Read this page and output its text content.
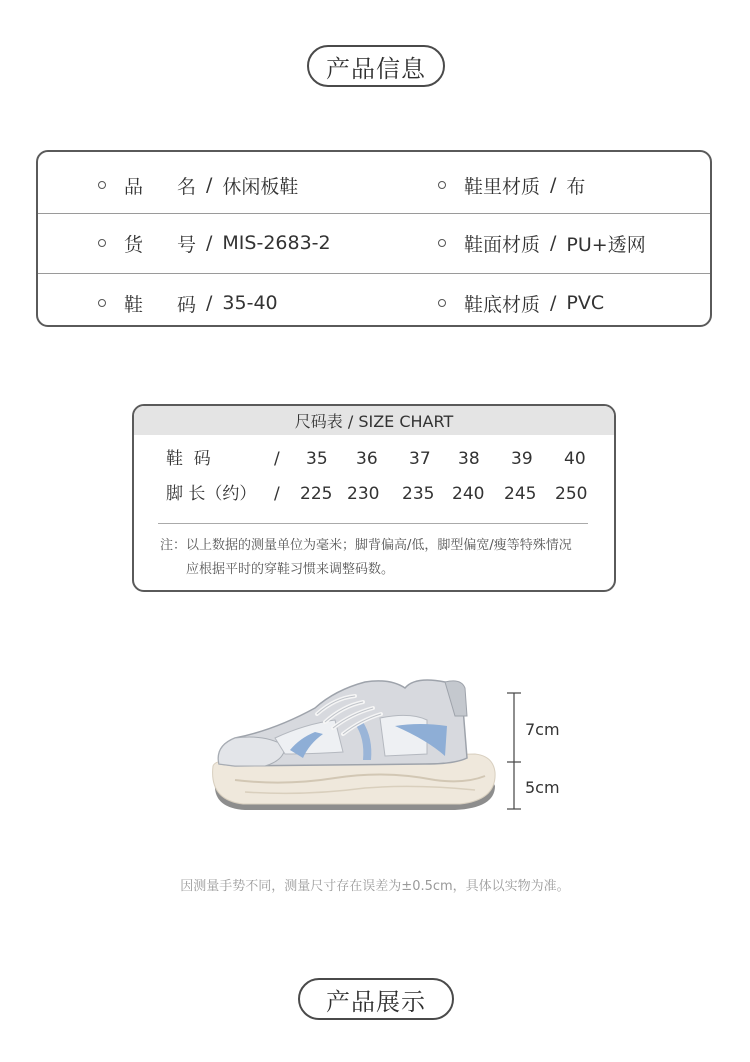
产品信息
品名 / 休闲板鞋	鞋里材质 / 布
货号 / MIS-2683-2	鞋面材质 / PU+透网
鞋码 / 35-40	鞋底材质 / PVC
尺码表 / SIZE CHART
鞋  码	/ 35 36 37 38 39 40
脚 长（约） / 225 230 235 240 245 250
注：以上数据的测量单位为毫米；脚背偏高/低，脚型偏宽/瘦等特殊情况
应根据平时的穿鞋习惯来调整码数。
7cm
5cm
因测量手势不同，测量尺寸存在误差为±0.5cm，具体以实物为准。
产品展示
